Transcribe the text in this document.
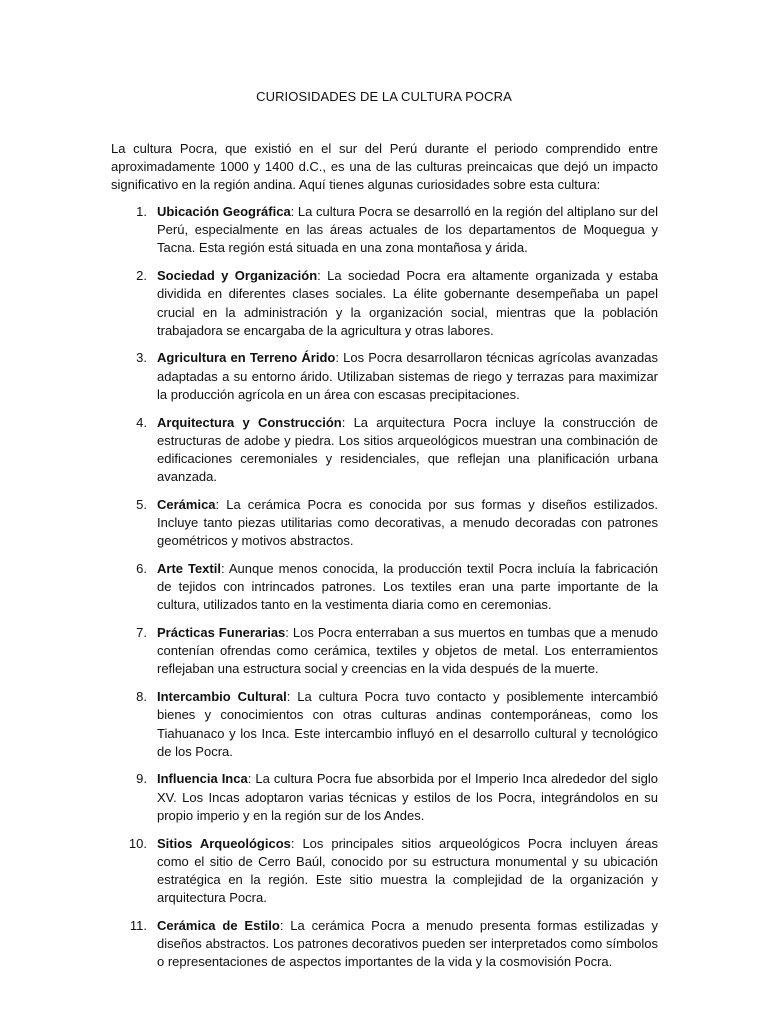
CURIOSIDADES DE LA CULTURA POCRA

La cultura Pocra, que existió en el sur del Perú durante el periodo comprendido entre aproximadamente 1000 y 1400 d.C., es una de las culturas preincaicas que dejó un impacto significativo en la región andina. Aquí tienes algunas curiosidades sobre esta cultura:

1. Ubicación Geográfica: La cultura Pocra se desarrolló en la región del altiplano sur del Perú, especialmente en las áreas actuales de los departamentos de Moquegua y Tacna. Esta región está situada en una zona montañosa y árida.
2. Sociedad y Organización: La sociedad Pocra era altamente organizada y estaba dividida en diferentes clases sociales. La élite gobernante desempeñaba un papel crucial en la administración y la organización social, mientras que la población trabajadora se encargaba de la agricultura y otras labores.
3. Agricultura en Terreno Árido: Los Pocra desarrollaron técnicas agrícolas avanzadas adaptadas a su entorno árido. Utilizaban sistemas de riego y terrazas para maximizar la producción agrícola en un área con escasas precipitaciones.
4. Arquitectura y Construcción: La arquitectura Pocra incluye la construcción de estructuras de adobe y piedra. Los sitios arqueológicos muestran una combinación de edificaciones ceremoniales y residenciales, que reflejan una planificación urbana avanzada.
5. Cerámica: La cerámica Pocra es conocida por sus formas y diseños estilizados. Incluye tanto piezas utilitarias como decorativas, a menudo decoradas con patrones geométricos y motivos abstractos.
6. Arte Textil: Aunque menos conocida, la producción textil Pocra incluía la fabricación de tejidos con intrincados patrones. Los textiles eran una parte importante de la cultura, utilizados tanto en la vestimenta diaria como en ceremonias.
7. Prácticas Funerarias: Los Pocra enterraban a sus muertos en tumbas que a menudo contenían ofrendas como cerámica, textiles y objetos de metal. Los enterramientos reflejaban una estructura social y creencias en la vida después de la muerte.
8. Intercambio Cultural: La cultura Pocra tuvo contacto y posiblemente intercambió bienes y conocimientos con otras culturas andinas contemporáneas, como los Tiahuanaco y los Inca. Este intercambio influyó en el desarrollo cultural y tecnológico de los Pocra.
9. Influencia Inca: La cultura Pocra fue absorbida por el Imperio Inca alrededor del siglo XV. Los Incas adoptaron varias técnicas y estilos de los Pocra, integrándolos en su propio imperio y en la región sur de los Andes.
10. Sitios Arqueológicos: Los principales sitios arqueológicos Pocra incluyen áreas como el sitio de Cerro Baúl, conocido por su estructura monumental y su ubicación estratégica en la región. Este sitio muestra la complejidad de la organización y arquitectura Pocra.
11. Cerámica de Estilo: La cerámica Pocra a menudo presenta formas estilizadas y diseños abstractos. Los patrones decorativos pueden ser interpretados como símbolos o representaciones de aspectos importantes de la vida y la cosmovisión Pocra.
